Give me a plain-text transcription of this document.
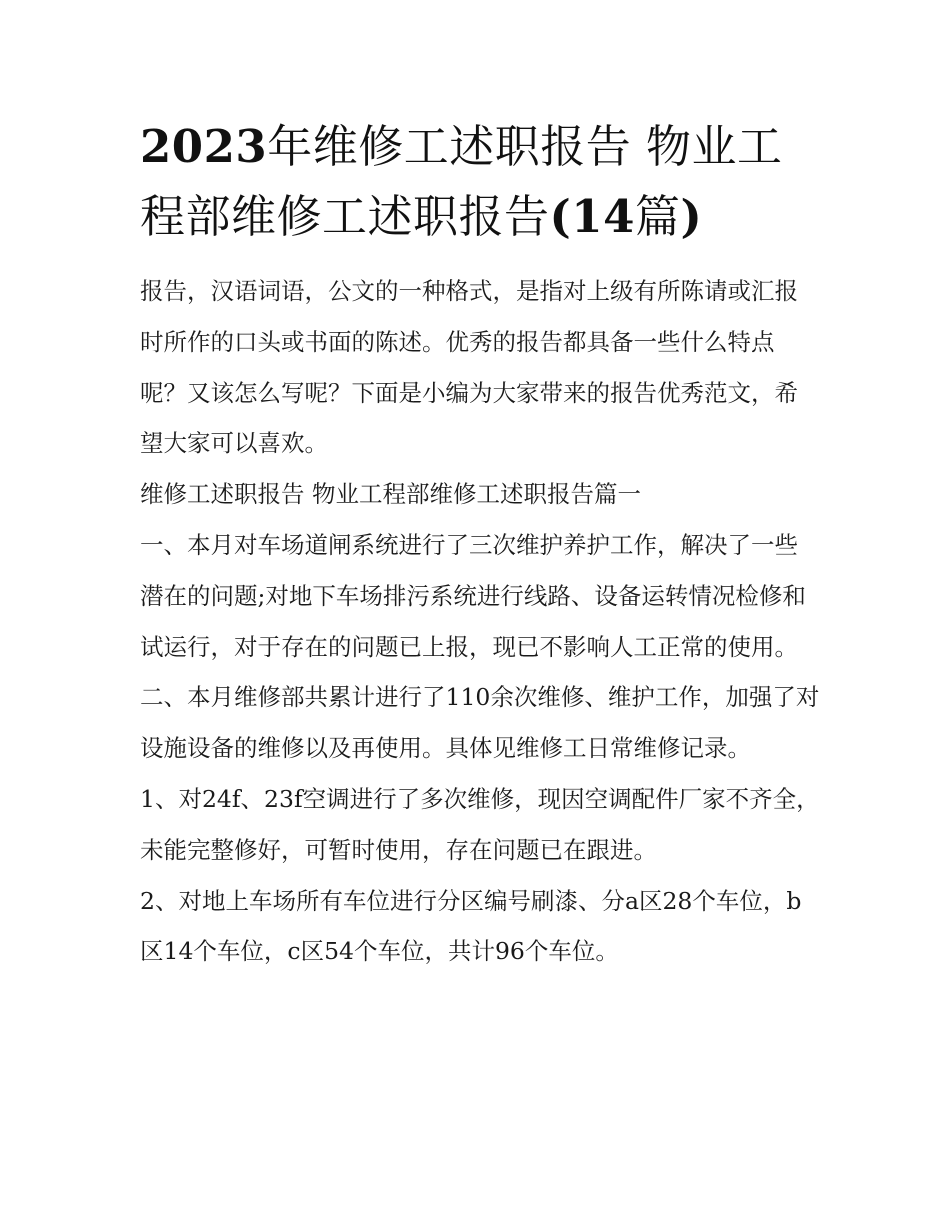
2023年维修工述职报告 物业工程部维修工述职报告(14篇)

报告，汉语词语，公文的一种格式，是指对上级有所陈请或汇报时所作的口头或书面的陈述。优秀的报告都具备一些什么特点呢？又该怎么写呢？下面是小编为大家带来的报告优秀范文，希望大家可以喜欢。

维修工述职报告 物业工程部维修工述职报告篇一

一、本月对车场道闸系统进行了三次维护养护工作，解决了一些潜在的问题;对地下车场排污系统进行线路、设备运转情况检修和试运行，对于存在的问题已上报，现已不影响人工正常的使用。

二、本月维修部共累计进行了110余次维修、维护工作，加强了对设施设备的维修以及再使用。具体见维修工日常维修记录。

1、对24f、23f空调进行了多次维修，现因空调配件厂家不齐全，未能完整修好，可暂时使用，存在问题已在跟进。

2、对地上车场所有车位进行分区编号刷漆、分a区28个车位，b区14个车位，c区54个车位，共计96个车位。
